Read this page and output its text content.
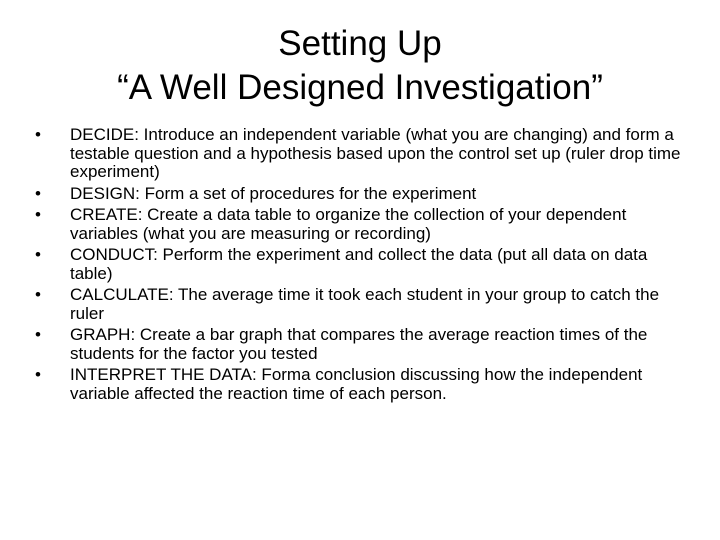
Setting Up
“A Well Designed Investigation”
•	DECIDE: Introduce an independent variable (what you are changing) and form a testable question and a hypothesis based upon the control set up (ruler drop time experiment)
•	DESIGN: Form a set of procedures for the experiment
•	CREATE: Create a data table to organize the collection of your dependent variables (what you are measuring or recording)
•	CONDUCT: Perform the experiment and collect the data (put all data on data table)
•	CALCULATE: The average time it took each student in your group to catch the ruler
•	GRAPH: Create a bar graph that compares the average reaction times of the students for the factor you tested
•	INTERPRET THE DATA: Forma conclusion discussing how the independent variable affected the reaction time of each person.
